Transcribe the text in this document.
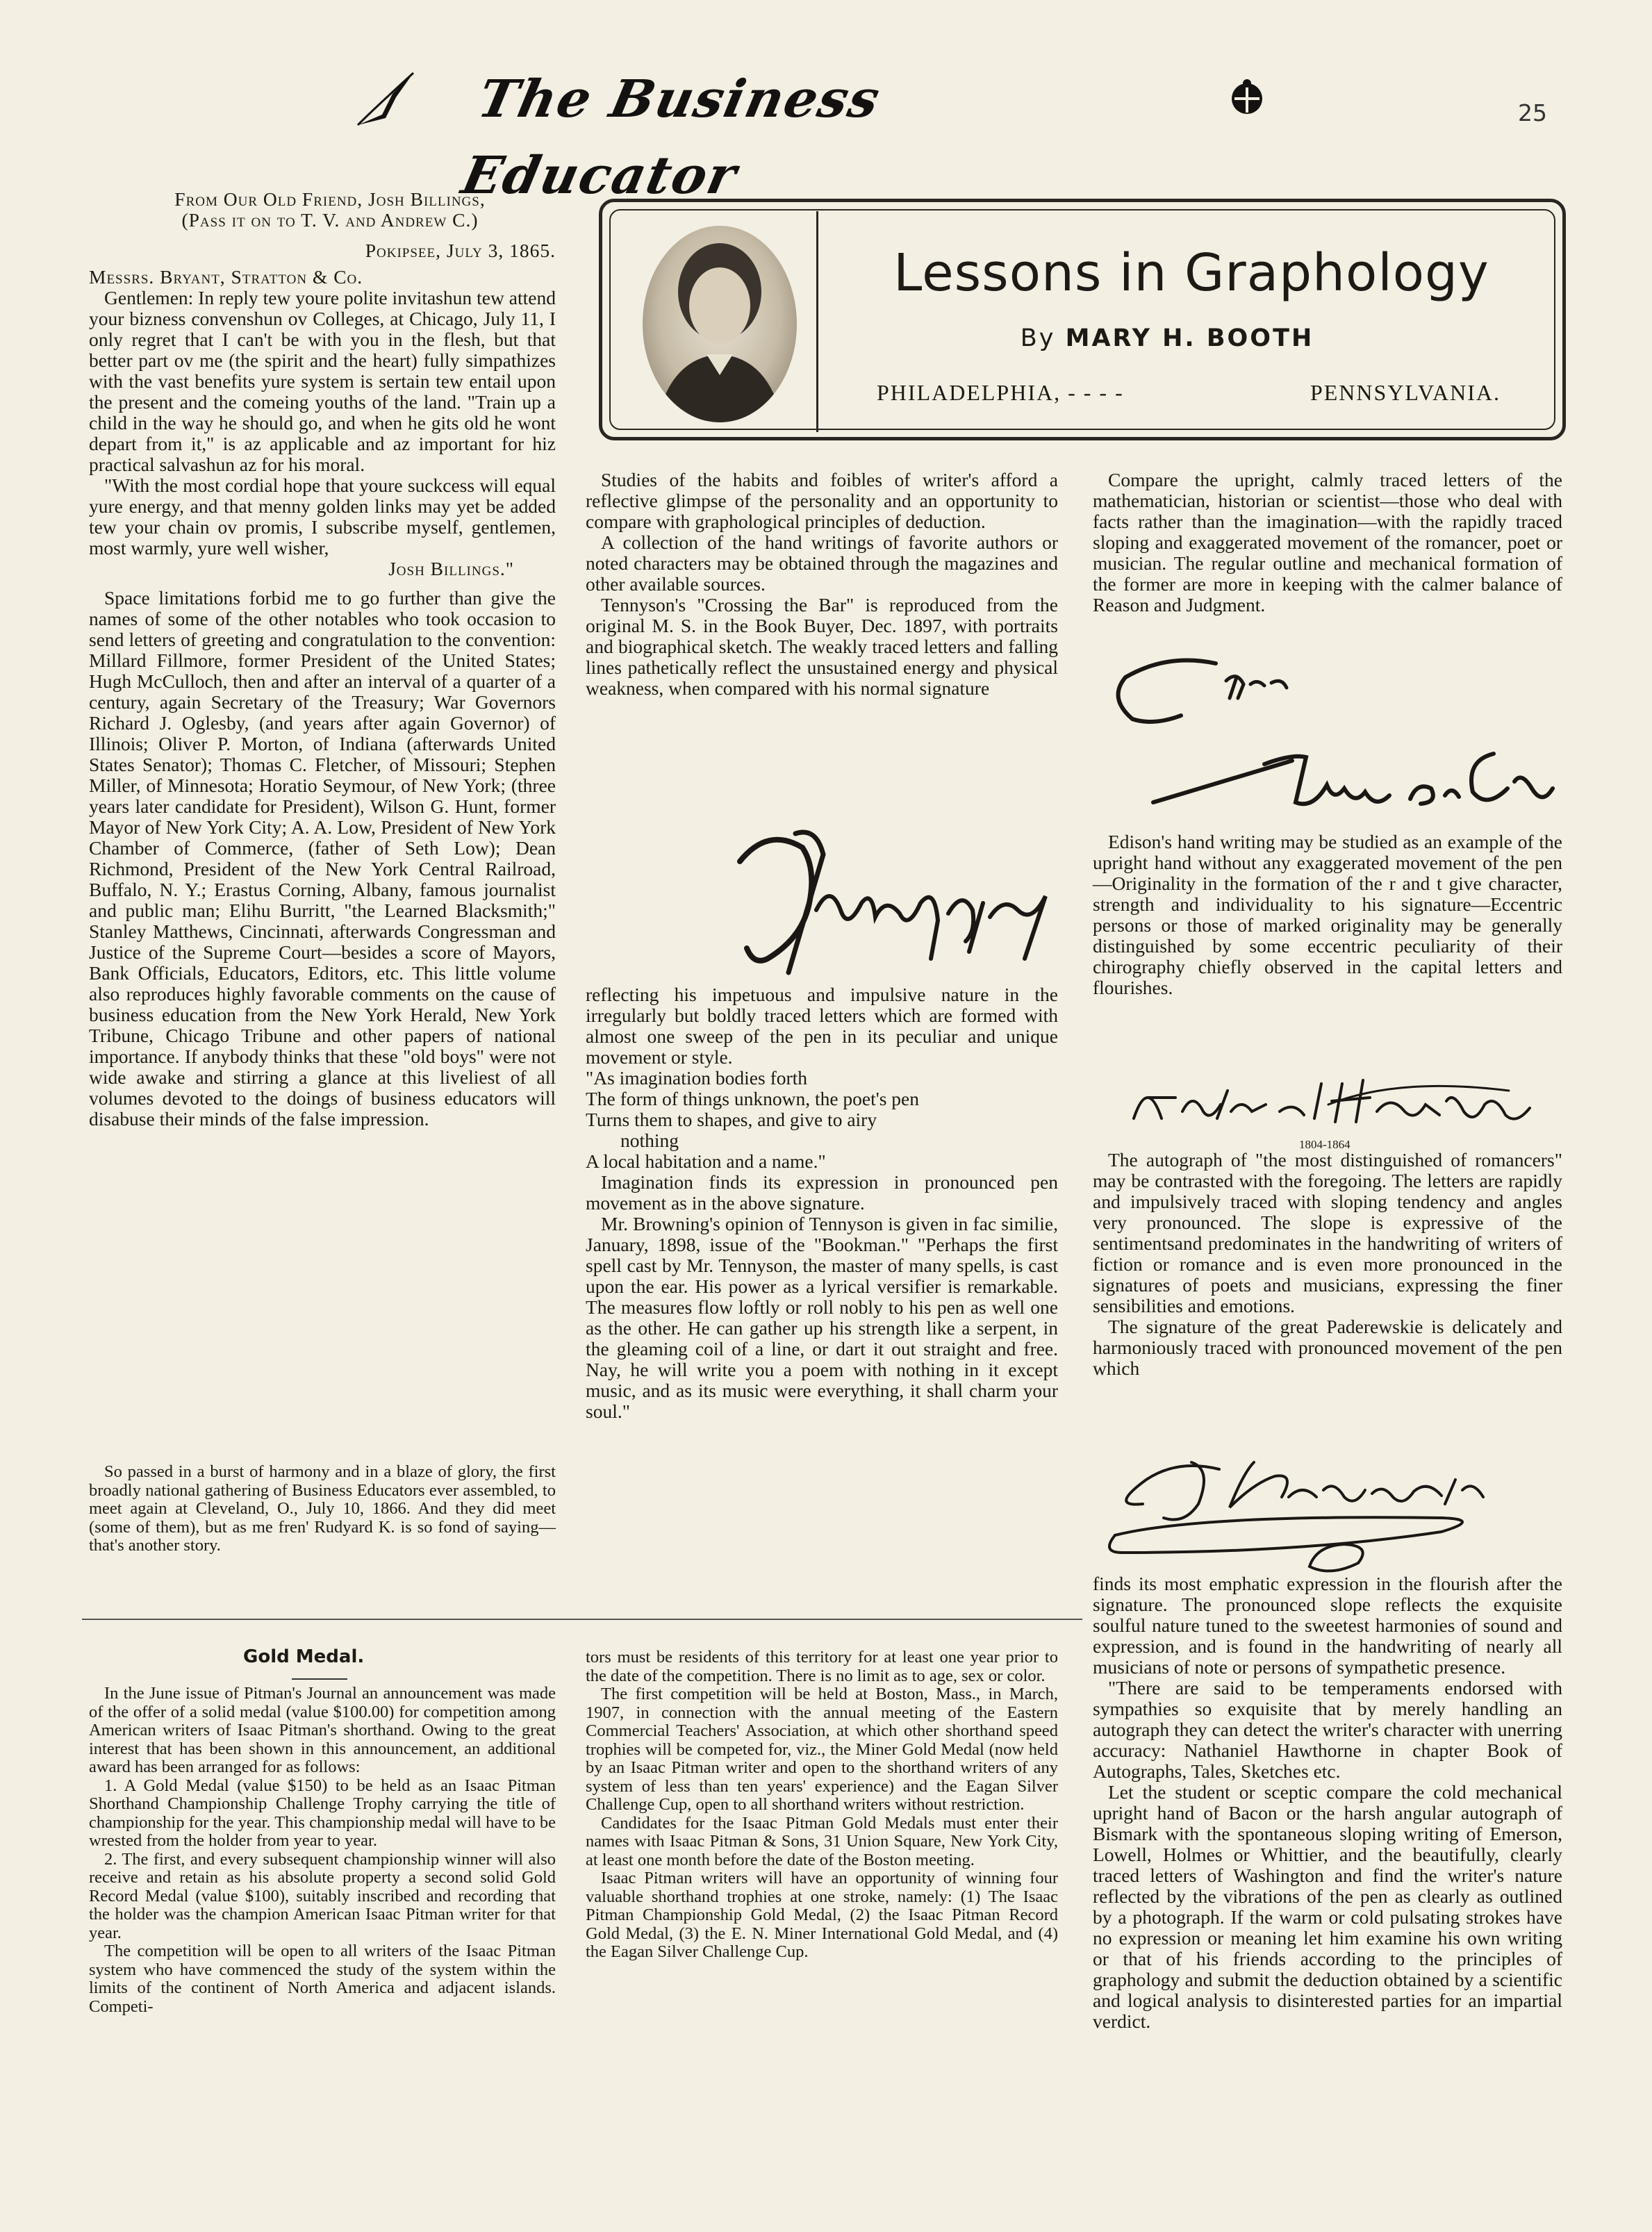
The Business Educator
25

From Our Old Friend, Josh Billings,

(Pass it on to T. V. and Andrew C.)

Pokipsee, July 3, 1865.

Messrs. Bryant, Stratton & Co.

Gentlemen: In reply tew youre polite invitashun tew attend your bizness convenshun ov Colleges, at Chicago, July 11, I only regret that I can't be with you in the flesh, but that better part ov me (the spirit and the heart) fully simpathizes with the vast benefits yure system is sertain tew entail upon the present and the comeing youths of the land. "Train up a child in the way he should go, and when he gits old he wont depart from it," is az applicable and az important for hiz practical salvashun az for his moral.

"With the most cordial hope that youre suckcess will equal yure energy, and that menny golden links may yet be added tew your chain ov promis, I subscribe myself, gentlemen, most warmly, yure well wisher,

Josh Billings."

Space limitations forbid me to go further than give the names of some of the other notables who took occasion to send letters of greeting and congratulation to the convention: Millard Fillmore, former President of the United States; Hugh McCulloch, then and after an interval of a quarter of a century, again Secretary of the Treasury; War Governors Richard J. Oglesby, (and years after again Governor) of Illinois; Oliver P. Morton, of Indiana (afterwards United States Senator); Thomas C. Fletcher, of Missouri; Stephen Miller, of Minnesota; Horatio Seymour, of New York; (three years later candidate for President), Wilson G. Hunt, former Mayor of New York City; A. A. Low, President of New York Chamber of Commerce, (father of Seth Low); Dean Richmond, President of the New York Central Railroad, Buffalo, N. Y.; Erastus Corning, Albany, famous journalist and public man; Elihu Burritt, "the Learned Blacksmith;" Stanley Matthews, Cincinnati, afterwards Congressman and Justice of the Supreme Court—besides a score of Mayors, Bank Officials, Educators, Editors, etc. This little volume also reproduces highly favorable comments on the cause of business education from the New York Herald, New York Tribune, Chicago Tribune and other papers of national importance. If anybody thinks that these "old boys" were not wide awake and stirring a glance at this liveliest of all volumes devoted to the doings of business educators will disabuse their minds of the false impression.

So passed in a burst of harmony and in a blaze of glory, the first broadly national gathering of Business Educators ever assembled, to meet again at Cleveland, O., July 10, 1866. And they did meet (some of them), but as me fren' Rudyard K. is so fond of saying—that's another story.

Lessons in Graphology
By MARY H. BOOTH
PHILADELPHIA, - - - -	PENNSYLVANIA.

Studies of the habits and foibles of writer's afford a reflective glimpse of the personality and an opportunity to compare with graphological principles of deduction.

A collection of the hand writings of favorite authors or noted characters may be obtained through the magazines and other available sources.

Tennyson's "Crossing the Bar" is reproduced from the original M. S. in the Book Buyer, Dec. 1897, with portraits and biographical sketch. The weakly traced letters and falling lines pathetically reflect the unsustained energy and physical weakness, when compared with his normal signature

reflecting his impetuous and impulsive nature in the irregularly but boldly traced letters which are formed with almost one sweep of the pen in its peculiar and unique movement or style.

"As imagination bodies forth

The form of things unknown, the poet's pen

Turns them to shapes, and give to airy

nothing

A local habitation and a name."

Imagination finds its expression in pronounced pen movement as in the above signature.

Mr. Browning's opinion of Tennyson is given in fac similie, January, 1898, issue of the "Bookman." "Perhaps the first spell cast by Mr. Tennyson, the master of many spells, is cast upon the ear. His power as a lyrical versifier is remarkable. The measures flow loftly or roll nobly to his pen as well one as the other. He can gather up his strength like a serpent, in the gleaming coil of a line, or dart it out straight and free. Nay, he will write you a poem with nothing in it except music, and as its music were everything, it shall charm your soul."

Compare the upright, calmly traced letters of the mathematician, historian or scientist—those who deal with facts rather than the imagination—with the rapidly traced sloping and exaggerated movement of the romancer, poet or musician. The regular outline and mechanical formation of the former are more in keeping with the calmer balance of Reason and Judgment.

Edison's hand writing may be studied as an example of the upright hand without any exaggerated movement of the pen—Originality in the formation of the r and t give character, strength and individuality to his signature—Eccentric persons or those of marked originality may be generally distinguished by some eccentric peculiarity of their chirography chiefly observed in the capital letters and flourishes.

1804-1864

The autograph of "the most distinguished of romancers" may be contrasted with the foregoing. The letters are rapidly and impulsively traced with sloping tendency and angles very pronounced. The slope is expressive of the sentimentsand predominates in the handwriting of writers of fiction or romance and is even more pronounced in the signatures of poets and musicians, expressing the finer sensibilities and emotions.

The signature of the great Paderewskie is delicately and harmoniously traced with pronounced movement of the pen which

finds its most emphatic expression in the flourish after the signature. The pronounced slope reflects the exquisite soulful nature tuned to the sweetest harmonies of sound and expression, and is found in the handwriting of nearly all musicians of note or persons of sympathetic presence.

"There are said to be temperaments endorsed with sympathies so exquisite that by merely handling an autograph they can detect the writer's character with unerring accuracy: Nathaniel Hawthorne in chapter Book of Autographs, Tales, Sketches etc.

Let the student or sceptic compare the cold mechanical upright hand of Bacon or the harsh angular autograph of Bismark with the spontaneous sloping writing of Emerson, Lowell, Holmes or Whittier, and the beautifully, clearly traced letters of Washington and find the writer's nature reflected by the vibrations of the pen as clearly as outlined by a photograph. If the warm or cold pulsating strokes have no expression or meaning let him examine his own writing or that of his friends according to the principles of graphology and submit the deduction obtained by a scientific and logical analysis to disinterested parties for an impartial verdict.

Gold Medal.

In the June issue of Pitman's Journal an announcement was made of the offer of a solid medal (value $100.00) for competition among American writers of Isaac Pitman's shorthand. Owing to the great interest that has been shown in this announcement, an additional award has been arranged for as follows:

1. A Gold Medal (value $150) to be held as an Isaac Pitman Shorthand Championship Challenge Trophy carrying the title of championship for the year. This championship medal will have to be wrested from the holder from year to year.

2. The first, and every subsequent championship winner will also receive and retain as his absolute property a second solid Gold Record Medal (value $100), suitably inscribed and recording that the holder was the champion American Isaac Pitman writer for that year.

The competition will be open to all writers of the Isaac Pitman system who have commenced the study of the system within the limits of the continent of North America and adjacent islands. Competi-

tors must be residents of this territory for at least one year prior to the date of the competition. There is no limit as to age, sex or color.

The first competition will be held at Boston, Mass., in March, 1907, in connection with the annual meeting of the Eastern Commercial Teachers' Association, at which other shorthand speed trophies will be competed for, viz., the Miner Gold Medal (now held by an Isaac Pitman writer and open to the shorthand writers of any system of less than ten years' experience) and the Eagan Silver Challenge Cup, open to all shorthand writers without restriction.

Candidates for the Isaac Pitman Gold Medals must enter their names with Isaac Pitman & Sons, 31 Union Square, New York City, at least one month before the date of the Boston meeting.

Isaac Pitman writers will have an opportunity of winning four valuable shorthand trophies at one stroke, namely: (1) The Isaac Pitman Championship Gold Medal, (2) the Isaac Pitman Record Gold Medal, (3) the E. N. Miner International Gold Medal, and (4) the Eagan Silver Challenge Cup.
